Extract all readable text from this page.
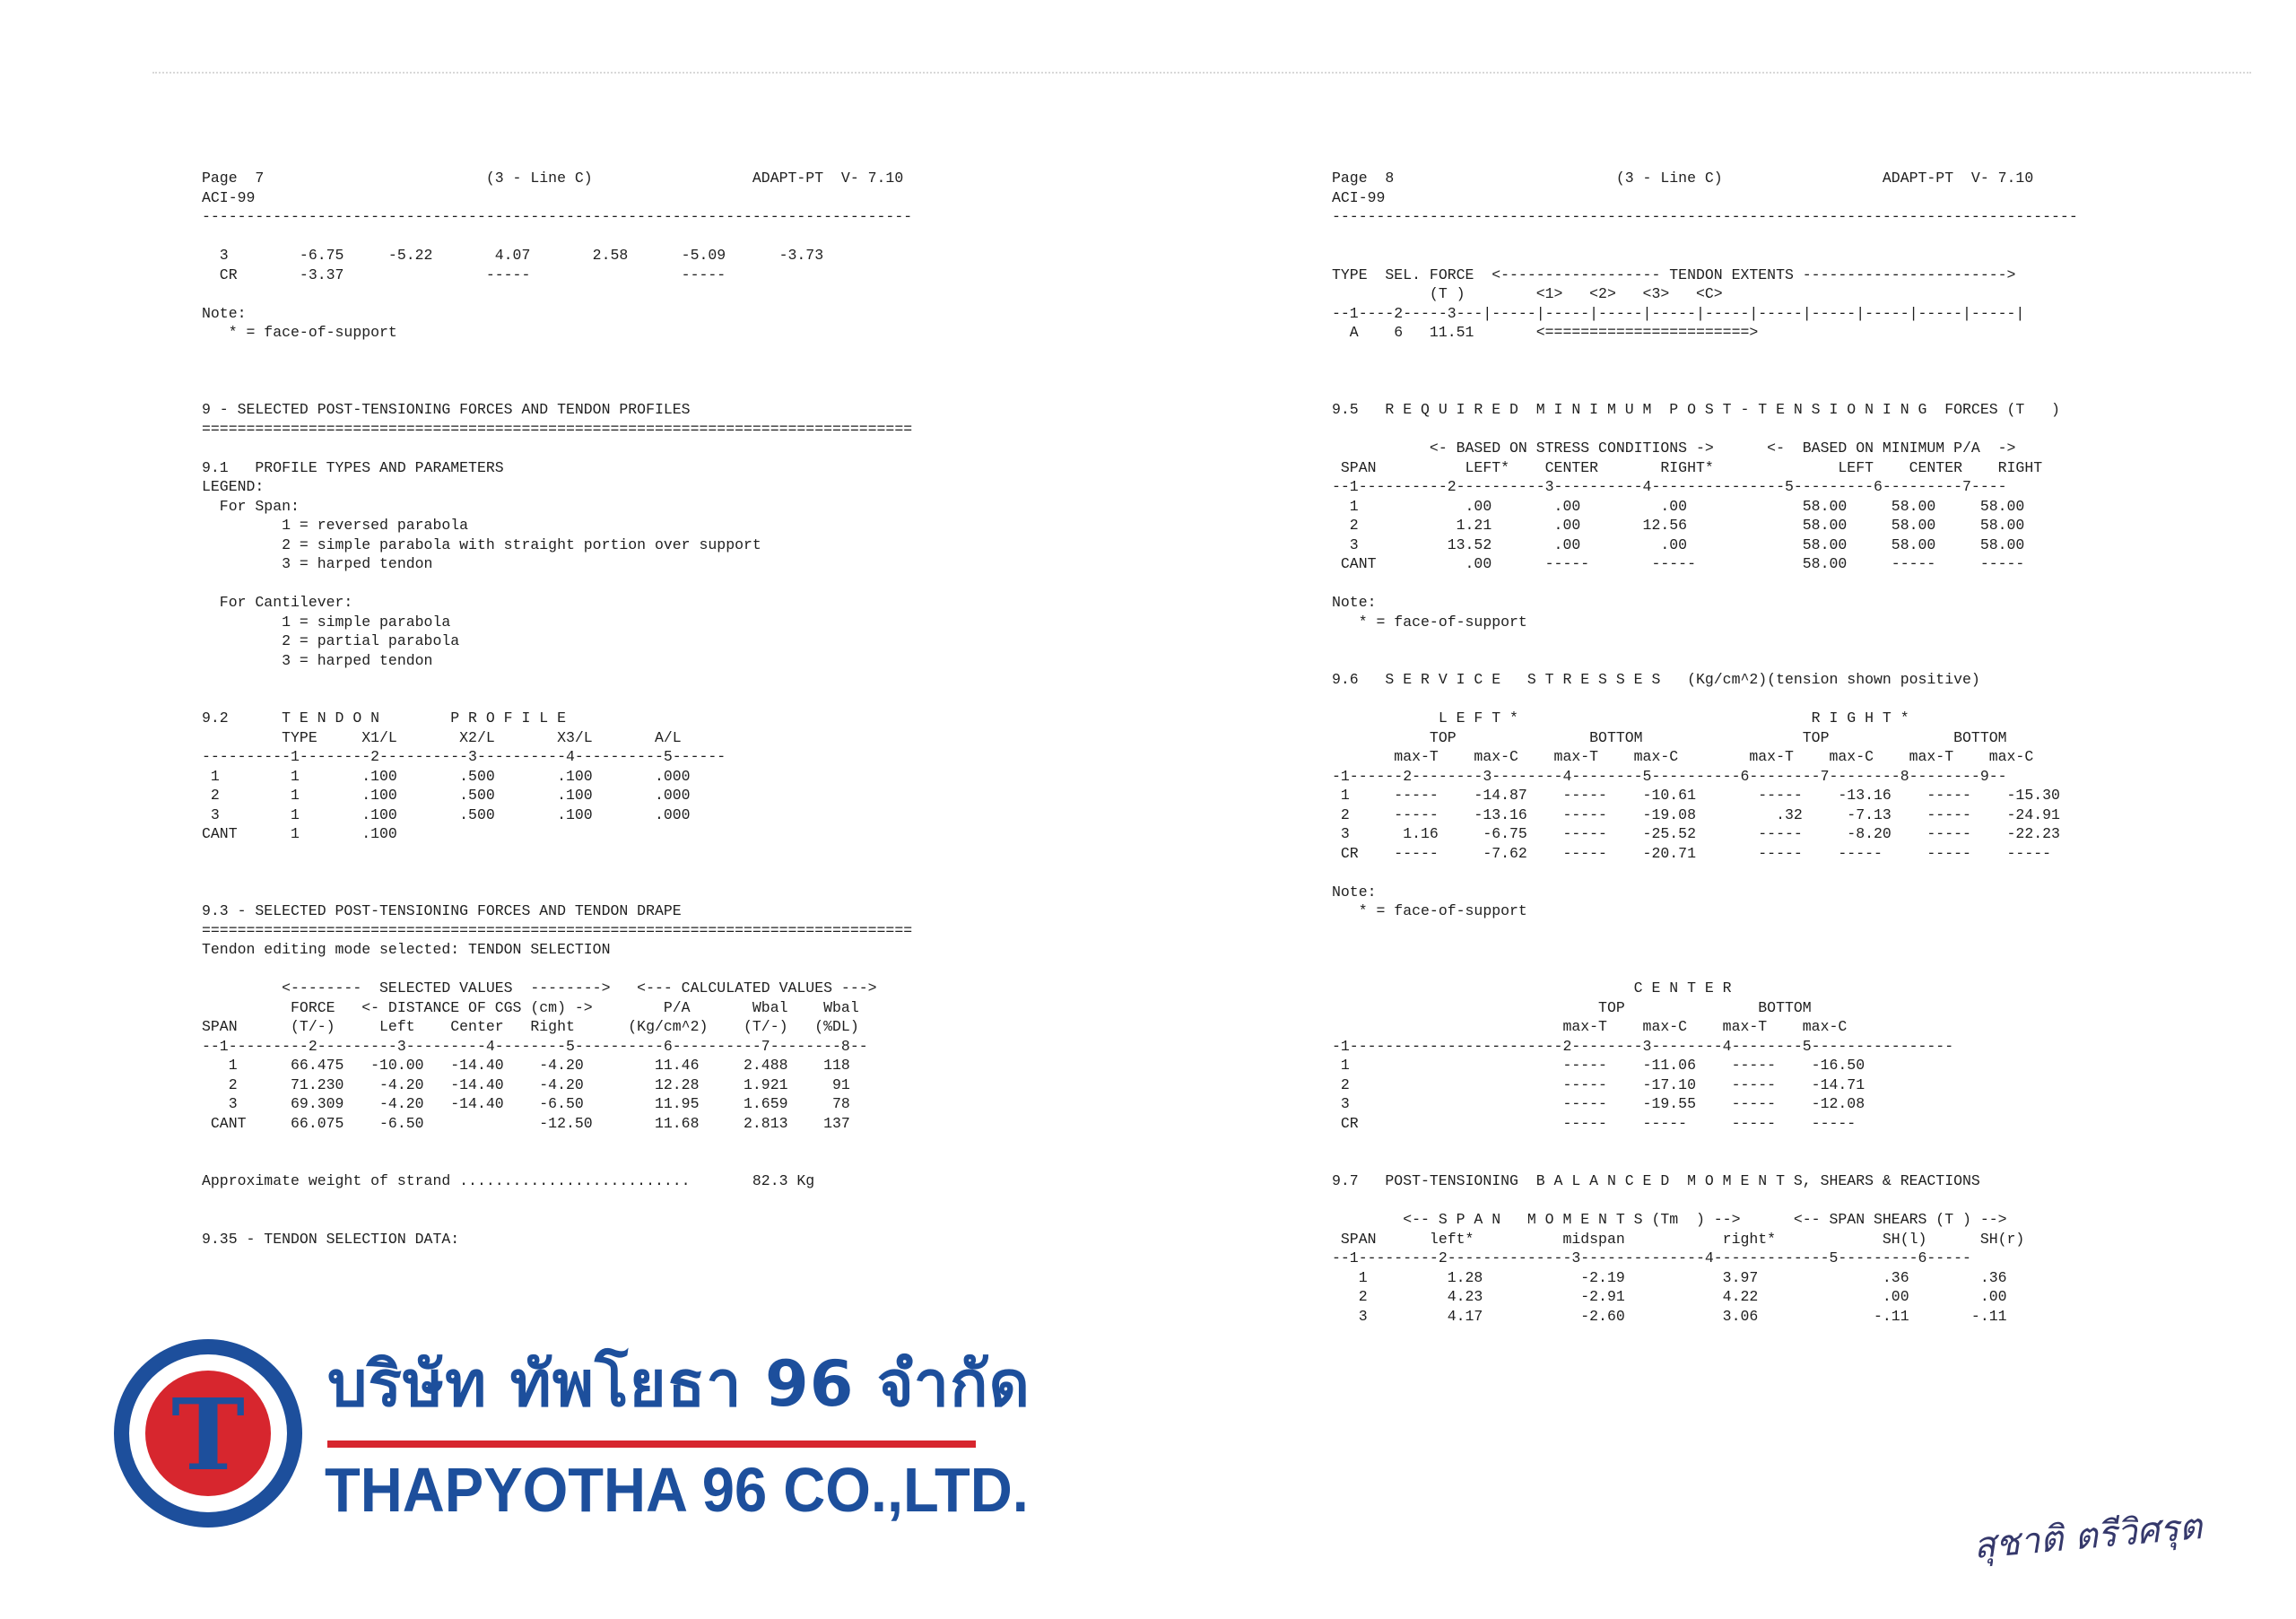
Page  7                         (3 - Line C)                  ADAPT-PT  V- 7.10
ACI-99
--------------------------------------------------------------------------------
3        -6.75     -5.22       4.07       2.58      -5.09      -3.73
CR       -3.37                -----                 -----
Note:
* = face-of-support
9 - SELECTED POST-TENSIONING FORCES AND TENDON PROFILES
================================================================================
9.1   PROFILE TYPES AND PARAMETERS
LEGEND:
For Span:
1 = reversed parabola
2 = simple parabola with straight portion over support
3 = harped tendon
For Cantilever:
1 = simple parabola
2 = partial parabola
3 = harped tendon
9.2      T E N D O N        P R O F I L E
TYPE     X1/L       X2/L       X3/L       A/L
----------1--------2----------3----------4----------5------
1        1       .100       .500       .100       .000
2        1       .100       .500       .100       .000
3        1       .100       .500       .100       .000
CANT      1       .100
9.3 - SELECTED POST-TENSIONING FORCES AND TENDON DRAPE
================================================================================
Tendon editing mode selected: TENDON SELECTION
<--------  SELECTED VALUES  -------->   <--- CALCULATED VALUES --->
FORCE   <- DISTANCE OF CGS (cm) ->        P/A       Wbal    Wbal
SPAN      (T/-)     Left    Center   Right      (Kg/cm^2)    (T/-)   (%DL)
--1---------2---------3---------4--------5----------6----------7--------8--
1      66.475   -10.00   -14.40    -4.20        11.46     2.488    118
2      71.230    -4.20   -14.40    -4.20        12.28     1.921     91
3      69.309    -4.20   -14.40    -6.50        11.95     1.659     78
CANT     66.075    -6.50             -12.50       11.68     2.813    137
Approximate weight of strand ..........................       82.3 Kg
9.35 - TENDON SELECTION DATA:
Page  8                         (3 - Line C)                  ADAPT-PT  V- 7.10
ACI-99
------------------------------------------------------------------------------------
TYPE  SEL. FORCE  <------------------ TENDON EXTENTS ----------------------->
(T )        <1>   <2>   <3>   <C>
--1----2-----3---|-----|-----|-----|-----|-----|-----|-----|-----|-----|-----|
A    6   11.51       <=======================>
9.5   R E Q U I R E D  M I N I M U M  P O S T - T E N S I O N I N G  FORCES (T   )
<- BASED ON STRESS CONDITIONS ->      <-  BASED ON MINIMUM P/A  ->
SPAN          LEFT*    CENTER       RIGHT*              LEFT    CENTER    RIGHT
--1----------2----------3----------4---------------5---------6---------7----
1            .00       .00         .00             58.00     58.00     58.00
2           1.21       .00       12.56             58.00     58.00     58.00
3          13.52       .00         .00             58.00     58.00     58.00
CANT          .00      -----       -----            58.00     -----     -----
Note:
* = face-of-support
9.6   S E R V I C E   S T R E S S E S   (Kg/cm^2)(tension shown positive)
L E F T *                                 R I G H T *
TOP               BOTTOM                  TOP              BOTTOM
max-T    max-C    max-T    max-C        max-T    max-C    max-T    max-C
-1------2--------3--------4--------5----------6--------7--------8--------9--
1     -----    -14.87    -----    -10.61       -----    -13.16    -----    -15.30
2     -----    -13.16    -----    -19.08         .32     -7.13    -----    -24.91
3      1.16     -6.75    -----    -25.52       -----     -8.20    -----    -22.23
CR    -----     -7.62    -----    -20.71       -----    -----     -----    -----
Note:
* = face-of-support
C E N T E R
TOP               BOTTOM
max-T    max-C    max-T    max-C
-1------------------------2--------3--------4--------5----------------
1                        -----    -11.06    -----    -16.50
2                        -----    -17.10    -----    -14.71
3                        -----    -19.55    -----    -12.08
CR                       -----    -----     -----    -----
9.7   POST-TENSIONING  B A L A N C E D  M O M E N T S, SHEARS & REACTIONS
<-- S P A N   M O M E N T S (Tm  ) -->      <-- SPAN SHEARS (T ) -->
SPAN      left*          midspan           right*            SH(l)      SH(r)
--1---------2--------------3--------------4-------------5---------6-----
1         1.28           -2.19           3.97              .36        .36
2         4.23           -2.91           4.22              .00        .00
3         4.17           -2.60           3.06             -.11       -.11
T บริษัท ทัพโยธา 96 จำกัด
THAPYOTHA 96 CO.,LTD.
สุชาติ ตรีวิศรุต
